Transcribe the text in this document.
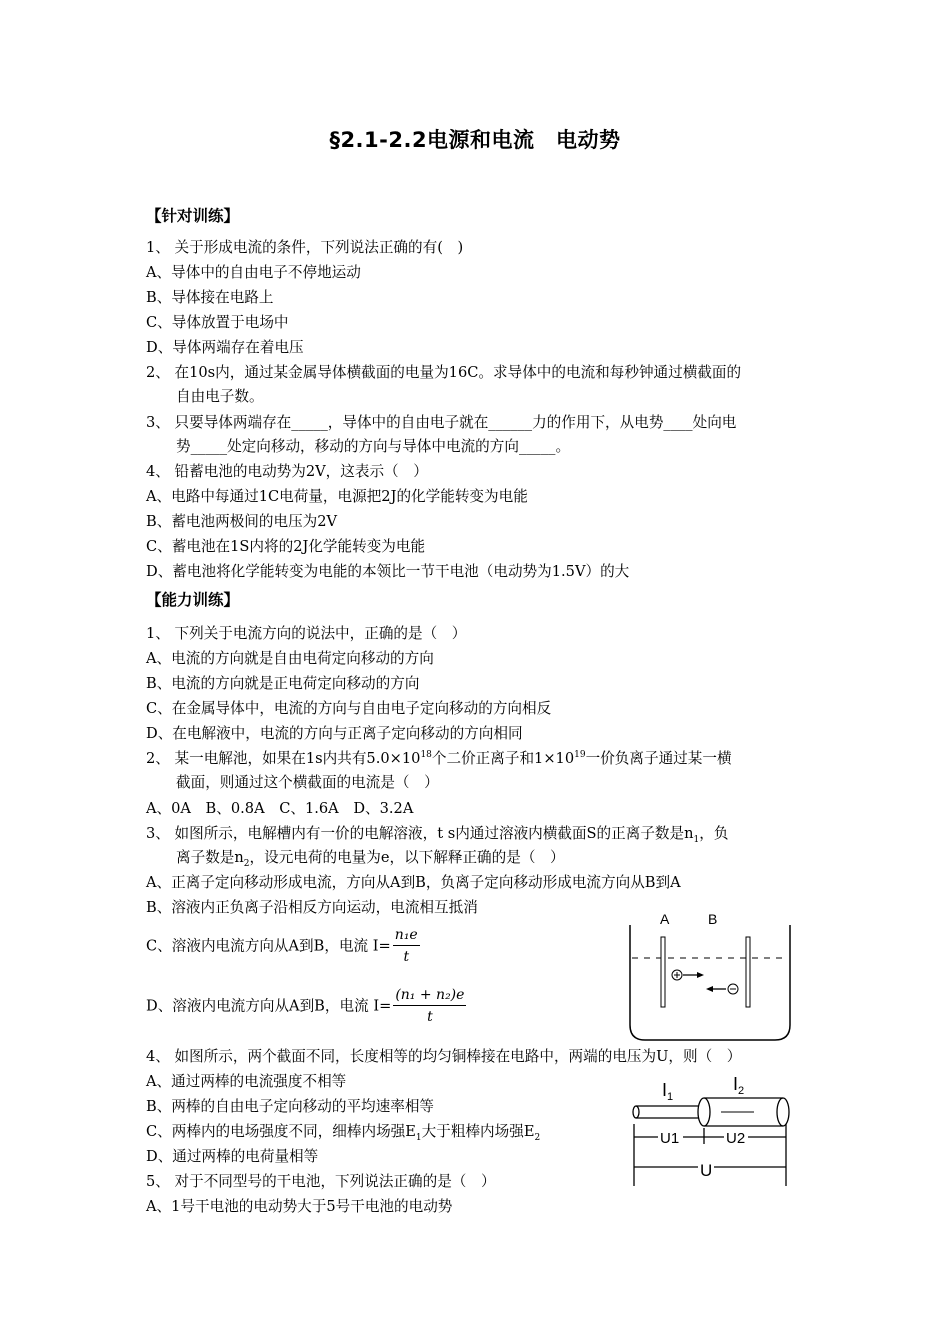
§2.1-2.2电源和电流　电动势
【针对训练】
1、 关于形成电流的条件，下列说法正确的有(　)
A、导体中的自由电子不停地运动
B、导体接在电路上
C、导体放置于电场中
D、导体两端存在着电压
2、 在10s内，通过某金属导体横截面的电量为16C。求导体中的电流和每秒钟通过横截面的
自由电子数。
3、 只要导体两端存在_____，导体中的自由电子就在______力的作用下，从电势____处向电
势_____处定向移动，移动的方向与导体中电流的方向_____。
4、 铅蓄电池的电动势为2V，这表示（　）
A、电路中每通过1C电荷量，电源把2J的化学能转变为电能
B、蓄电池两极间的电压为2V
C、蓄电池在1S内将的2J化学能转变为电能
D、蓄电池将化学能转变为电能的本领比一节干电池（电动势为1.5V）的大
【能力训练】
1、 下列关于电流方向的说法中，正确的是（　）
A、电流的方向就是自由电荷定向移动的方向
B、电流的方向就是正电荷定向移动的方向
C、在金属导体中，电流的方向与自由电子定向移动的方向相反
D、在电解液中，电流的方向与正离子定向移动的方向相同
2、 某一电解池，如果在1s内共有$5.0\times 10^{18}$个二价正离子和$1\times 10^{19}$一价负离子通过某一横
截面，则通过这个横截面的电流是（　）
A、0A　B、0.8A　C、1.6A　D、3.2A
3、 如图所示，电解槽内有一价的电解溶液，t s内通过溶液内横截面S的正离子数是$n_1$，负
离子数是$n_2$，设元电荷的电量为e，以下解释正确的是（　）
A、正离子定向移动形成电流，方向从A到B，负离子定向移动形成电流方向从B到A
B、溶液内正负离子沿相反方向运动，电流相互抵消
C、溶液内电流方向从A到B，电流 $I= \frac{\text{n₁e}}{t}$
D、溶液内电流方向从A到B，电流 $I= \frac{\text{(n₁ + n₂)e}}{t}$
A	B
4、 如图所示，两个截面不同，长度相等的均匀铜棒接在电路中，两端的电压为U，则（　）
A、通过两棒的电流强度不相等
B、两棒的自由电子定向移动的平均速率相等
C、两棒内的电场强度不同，细棒内场强$E_1$大于粗棒内场强$E_2$
D、通过两棒的电荷量相等
$I_1$
$I_2$
U1	U2
U
5、 对于不同型号的干电池，下列说法正确的是（　）
A、1号干电池的电动势大于5号干电池的电动势
